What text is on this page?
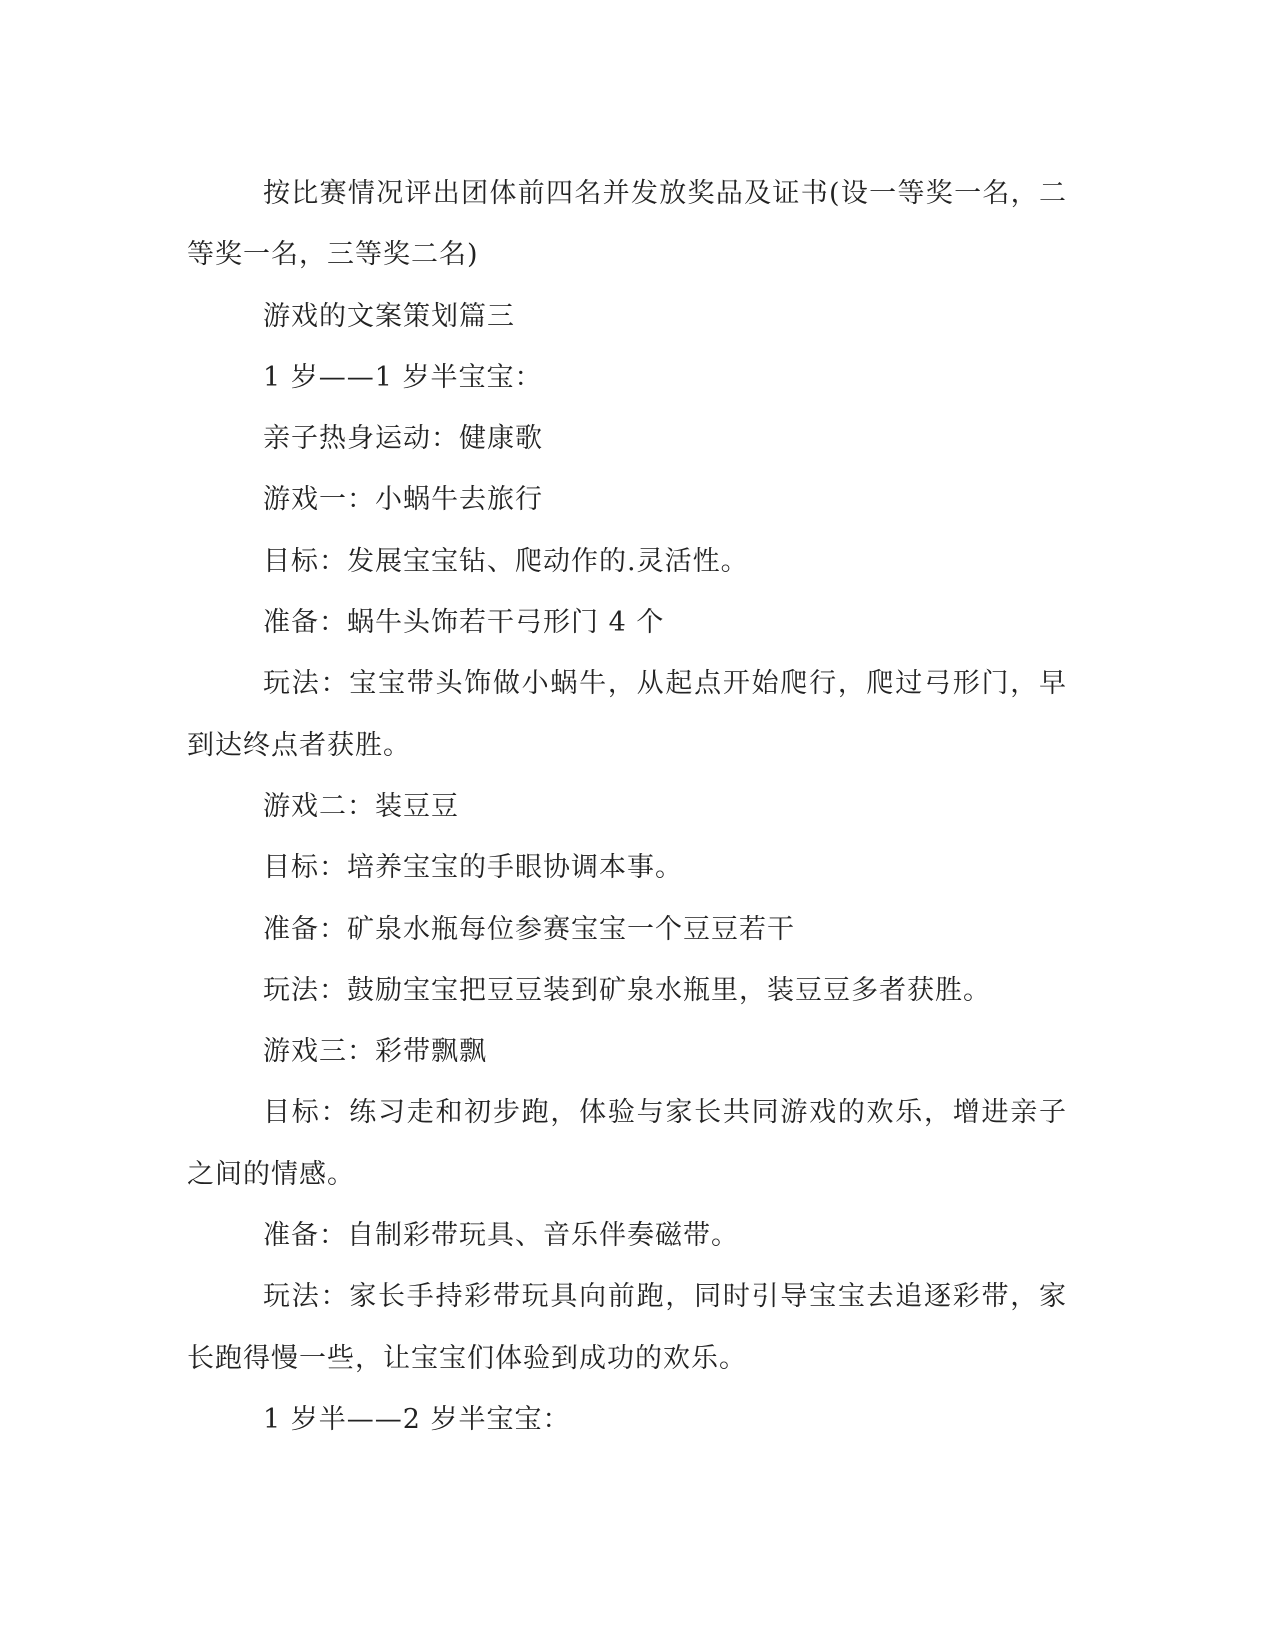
按比赛情况评出团体前四名并发放奖品及证书(设一等奖一名，二等奖一名，三等奖二名)

游戏的文案策划篇三

1 岁——1 岁半宝宝：

亲子热身运动：健康歌

游戏一：小蜗牛去旅行

目标：发展宝宝钻、爬动作的.灵活性。

准备：蜗牛头饰若干弓形门 4 个

玩法：宝宝带头饰做小蜗牛，从起点开始爬行，爬过弓形门，早到达终点者获胜。

游戏二：装豆豆

目标：培养宝宝的手眼协调本事。

准备：矿泉水瓶每位参赛宝宝一个豆豆若干

玩法：鼓励宝宝把豆豆装到矿泉水瓶里，装豆豆多者获胜。

游戏三：彩带飘飘

目标：练习走和初步跑，体验与家长共同游戏的欢乐，增进亲子之间的情感。

准备：自制彩带玩具、音乐伴奏磁带。

玩法：家长手持彩带玩具向前跑，同时引导宝宝去追逐彩带，家长跑得慢一些，让宝宝们体验到成功的欢乐。

1 岁半——2 岁半宝宝：
